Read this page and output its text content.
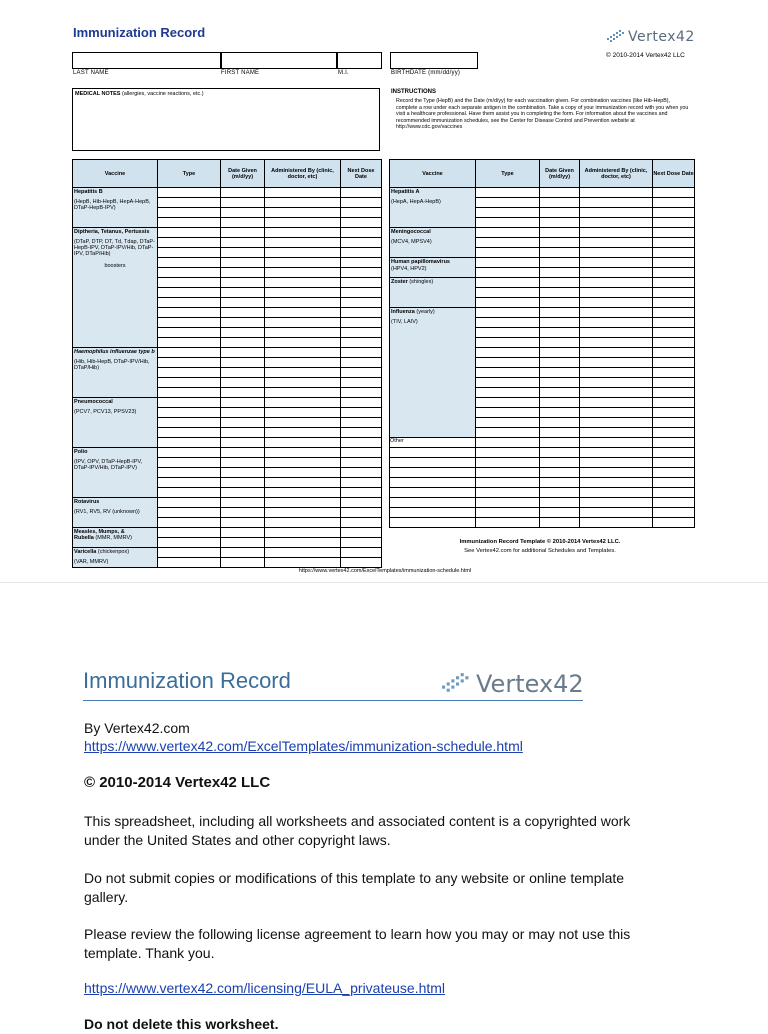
Immunization Record	Vertex42
© 2010-2014 Vertex42 LLC
LAST NAME	FIRST NAME	M.I.	BIRTHDATE (mm/dd/yy)
MEDICAL NOTES (allergies, vaccine reactions, etc.)	INSTRUCTIONS
Record the Type (HepB) and the Date (m/d/yy) for each vaccination given. For combination vaccines (like Hib-HepB), complete a row under each separate antigen in the combination. Take a copy of your immunization record with you when you visit a healthcare professional. Have them assist you in completing the form. For information about the vaccines and recommended immunization schedules, see the Center for Disease Control and Prevention website at http://www.cdc.gov/vaccines
Vaccine	Type	Date Given (m/d/yy)	Administered By (clinic, doctor, etc)	Next Dose Date
Hepatitis B
(HepB, Hib-HepB, HepA-HepB, DTaP-HepB-IPV)				

Diptheria, Tetanus, Pertussis
(DTaP, DTP, DT, Td, Tdap, DTaP-HepB-IPV, DTaP-IPV/Hib, DTaP-IPV, DTaP/Hib)
boosters				

Haemophilus influenzae type b
(Hib, Hib-HepB, DTaP-IPV/Hib, DTaP/Hib)				

Pneumococcal
(PCV7, PCV13, PPSV23)				

Polio
(IPV, OPV, DTaP-HepB-IPV, DTaP-IPV/Hib, DTaP-IPV)				

Rotavirus
(RV1, RV5, RV (unknown))				

Measles, Mumps, &
Rubella (MMR, MMRV)				

Varicella (chickenpox)
(VAR, MMRV)				

Vaccine	Type	Date Given (m/d/yy)	Administered By (clinic, doctor, etc)	Next Dose Date
Hepatitis A
(HepA, HepA-HepB)				

Meningococcal
(MCV4, MPSV4)				

Human papillomavirus
(HPV4, HPV2)				

Zoster (shingles)				

Influenza (yearly)
(TIV, LAIV)				

Other				

Immunization Record Template © 2010-2014 Vertex42 LLC.
See Vertex42.com for additional Schedules and Templates.
https://www.vertex42.com/ExcelTemplates/immunization-schedule.html
Immunization Record	Vertex42
By Vertex42.com
https://www.vertex42.com/ExcelTemplates/immunization-schedule.html
© 2010-2014 Vertex42 LLC
This spreadsheet, including all worksheets and associated content is a copyrighted work under the United States and other copyright laws.
Do not submit copies or modifications of this template to any website or online template gallery.
Please review the following license agreement to learn how you may or may not use this template. Thank you.
https://www.vertex42.com/licensing/EULA_privateuse.html
Do not delete this worksheet.
